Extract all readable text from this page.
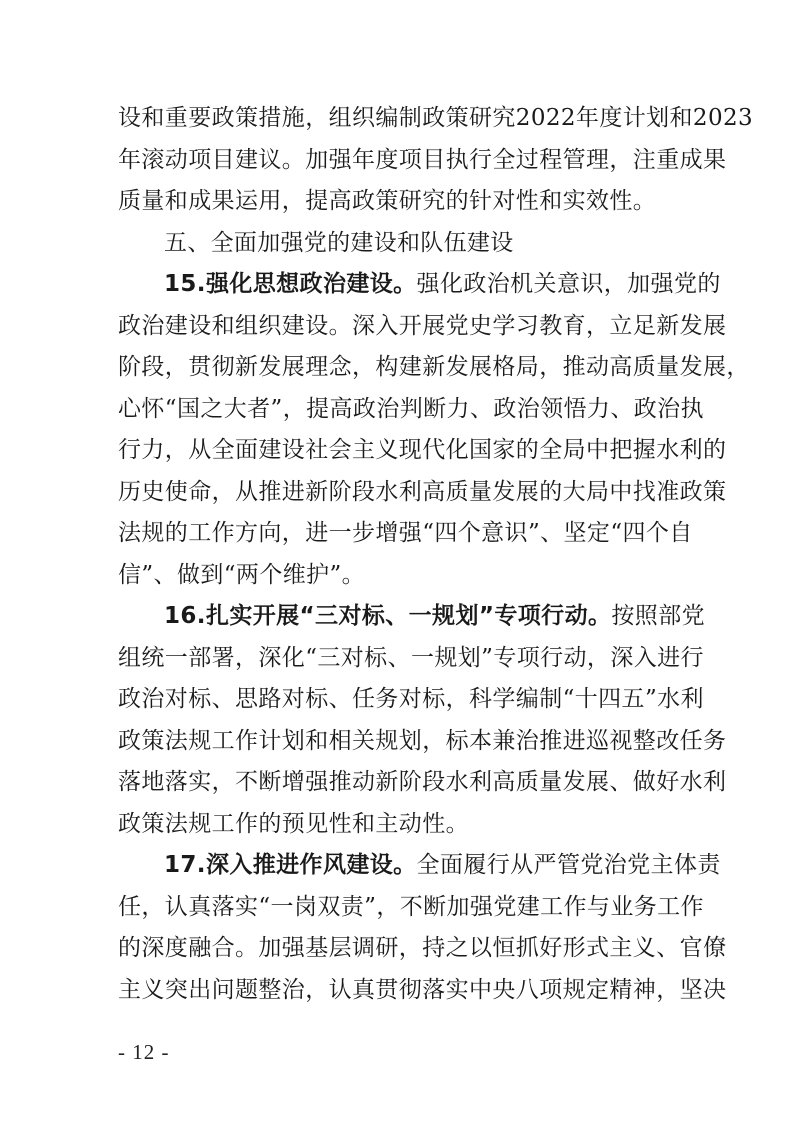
设和重要政策措施，组织编制政策研究2022年度计划和2023
年滚动项目建议。加强年度项目执行全过程管理，注重成果
质量和成果运用，提高政策研究的针对性和实效性。
五、全面加强党的建设和队伍建设
15.强化思想政治建设。强化政治机关意识，加强党的
政治建设和组织建设。深入开展党史学习教育，立足新发展
阶段，贯彻新发展理念，构建新发展格局，推动高质量发展，
心怀“国之大者”，提高政治判断力、政治领悟力、政治执
行力，从全面建设社会主义现代化国家的全局中把握水利的
历史使命，从推进新阶段水利高质量发展的大局中找准政策
法规的工作方向，进一步增强“四个意识”、坚定“四个自
信”、做到“两个维护”。
16.扎实开展“三对标、一规划”专项行动。按照部党
组统一部署，深化“三对标、一规划”专项行动，深入进行
政治对标、思路对标、任务对标，科学编制“十四五”水利
政策法规工作计划和相关规划，标本兼治推进巡视整改任务
落地落实，不断增强推动新阶段水利高质量发展、做好水利
政策法规工作的预见性和主动性。
17.深入推进作风建设。全面履行从严管党治党主体责
任，认真落实“一岗双责”，不断加强党建工作与业务工作
的深度融合。加强基层调研，持之以恒抓好形式主义、官僚
主义突出问题整治，认真贯彻落实中央八项规定精神，坚决
- 12 -
